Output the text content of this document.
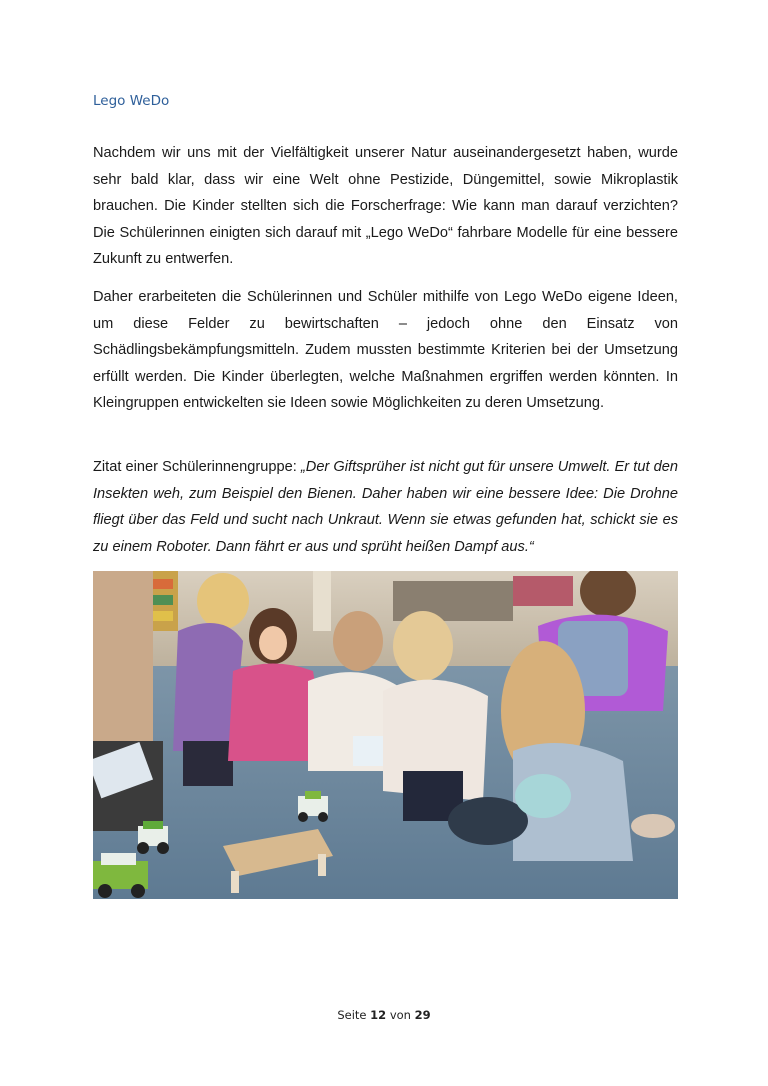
Lego WeDo

Nachdem wir uns mit der Vielfältigkeit unserer Natur auseinandergesetzt haben, wurde sehr bald klar, dass wir eine Welt ohne Pestizide, Düngemittel, sowie Mikroplastik brauchen. Die Kinder stellten sich die Forscherfrage: Wie kann man darauf verzichten? Die Schülerinnen einigten sich darauf mit „Lego WeDo“ fahrbare Modelle für eine bessere Zukunft zu entwerfen.

Daher erarbeiteten die Schülerinnen und Schüler mithilfe von Lego WeDo eigene Ideen, um diese Felder zu bewirtschaften – jedoch ohne den Einsatz von Schädlingsbekämpfungsmitteln. Zudem mussten bestimmte Kriterien bei der Umsetzung erfüllt werden. Die Kinder überlegten, welche Maßnahmen ergriffen werden könnten. In Kleingruppen entwickelten sie Ideen sowie Möglichkeiten zu deren Umsetzung.

Zitat einer Schülerinnengruppe: „Der Giftsprüher ist nicht gut für unsere Umwelt. Er tut den Insekten weh, zum Beispiel den Bienen. Daher haben wir eine bessere Idee: Die Drohne fliegt über das Feld und sucht nach Unkraut. Wenn sie etwas gefunden hat, schickt sie es zu einem Roboter. Dann fährt er aus und sprüht heißen Dampf aus.“

Seite 12 von 29
